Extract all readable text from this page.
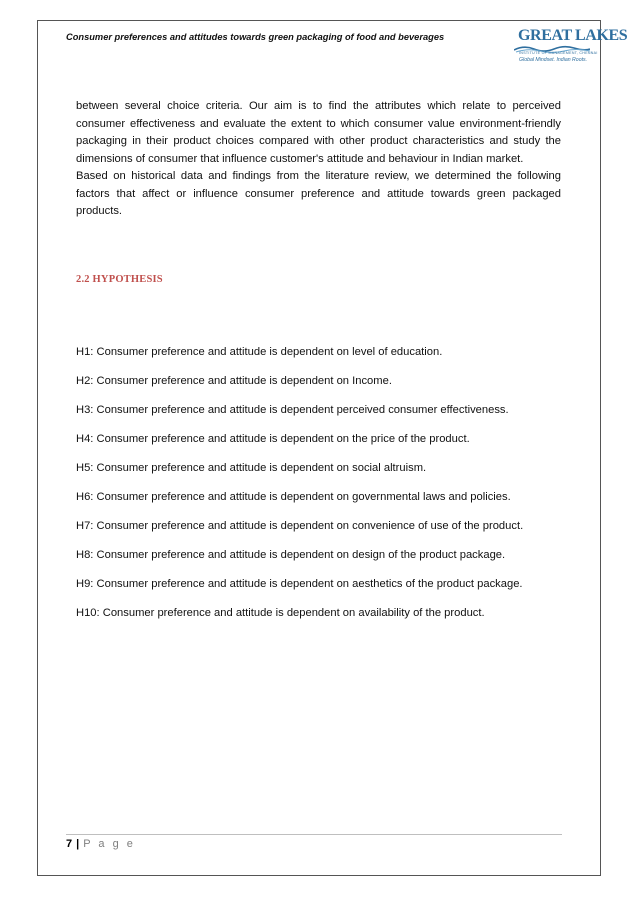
Consumer preferences and attitudes towards green packaging of food and beverages	GREAT LAKES
INSTITUTE OF MANAGEMENT, CHENNAI
Global Mindset. Indian Roots.
between several choice criteria. Our aim is to find the attributes which relate to perceived consumer effectiveness and evaluate the extent to which consumer value environment-friendly packaging in their product choices compared with other product characteristics and study the dimensions of consumer that influence customer's attitude and behaviour in Indian market.
Based on historical data and findings from the literature review, we determined the following factors that affect or influence consumer preference and attitude towards green packaged products.
2.2 HYPOTHESIS
H1: Consumer preference and attitude is dependent on level of education.
H2: Consumer preference and attitude is dependent on Income.
H3: Consumer preference and attitude is dependent perceived consumer effectiveness.
H4: Consumer preference and attitude is dependent on the price of the product.
H5: Consumer preference and attitude is dependent on social altruism.
H6: Consumer preference and attitude is dependent on governmental laws and policies.
H7: Consumer preference and attitude is dependent on convenience of use of the product.
H8: Consumer preference and attitude is dependent on design of the product package.
H9: Consumer preference and attitude is dependent on aesthetics of the product package.
H10: Consumer preference and attitude is dependent on availability of the product.
7 | P a g e
